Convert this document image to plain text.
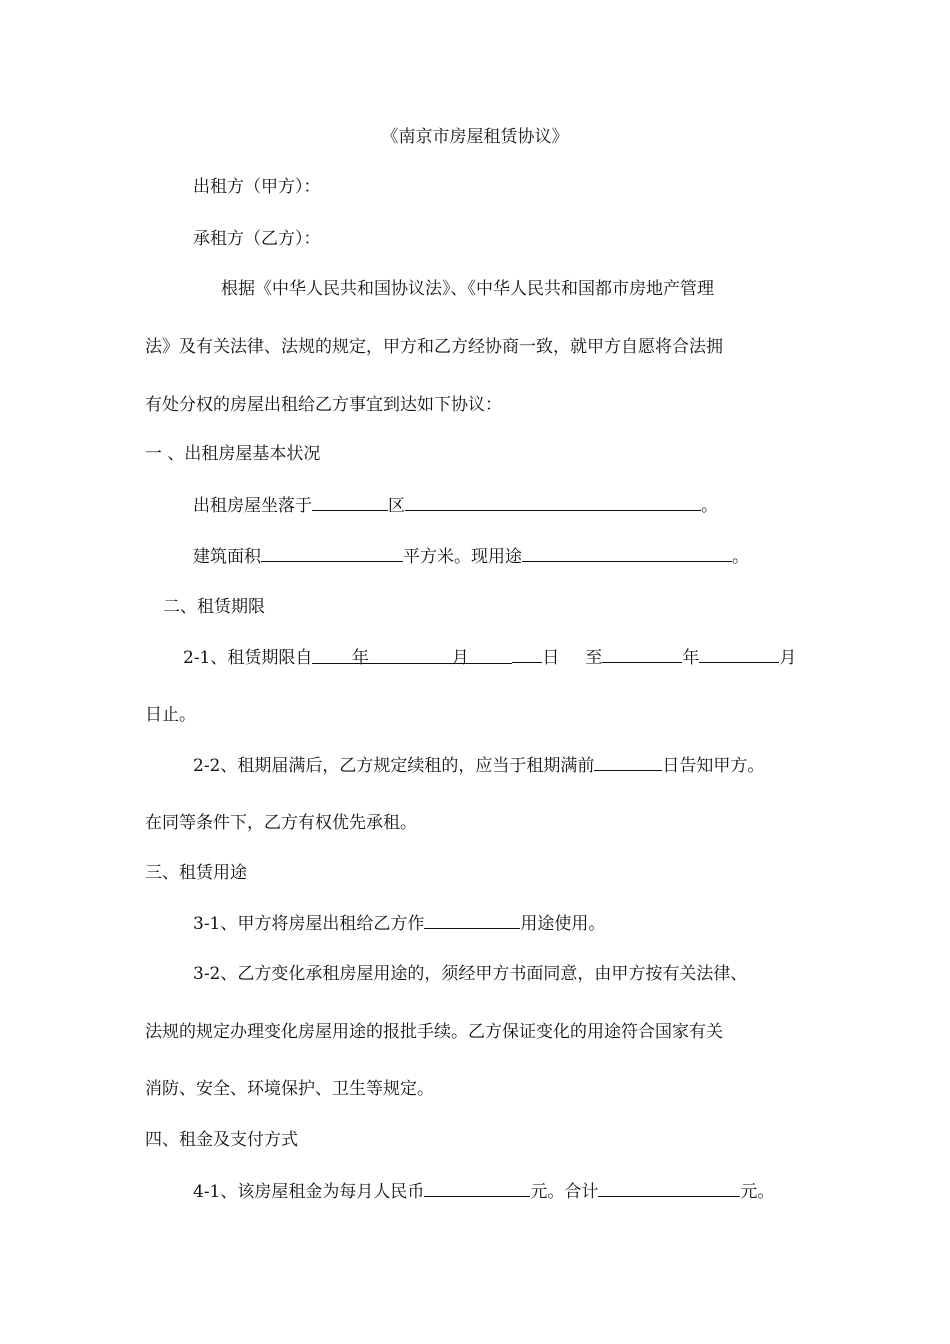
《南京市房屋租赁协议》
出租方（甲方）：
承租方（乙方）：
根据《中华人民共和国协议法》、《中华人民共和国都市房地产管理
法》及有关法律、法规的规定，甲方和乙方经协商一致，就甲方自愿将合法拥
有处分权的房屋出租给乙方事宜到达如下协议：
一 、出租房屋基本状况
出租房屋坐落于	区	。
建筑面积	平方米。现用途	。
二、租赁期限
2-1、租赁期限自 年	月	日 至	年	月
日止。
2-2、租期届满后，乙方规定续租的，应当于租期满前	日告知甲方。
在同等条件下，乙方有权优先承租。
三、租赁用途
3-1、甲方将房屋出租给乙方作	用途使用。
3-2、乙方变化承租房屋用途的，须经甲方书面同意，由甲方按有关法律、
法规的规定办理变化房屋用途的报批手续。乙方保证变化的用途符合国家有关
消防、安全、环境保护、卫生等规定。
四、租金及支付方式
4-1、该房屋租金为每月人民币	元。合计	元。
